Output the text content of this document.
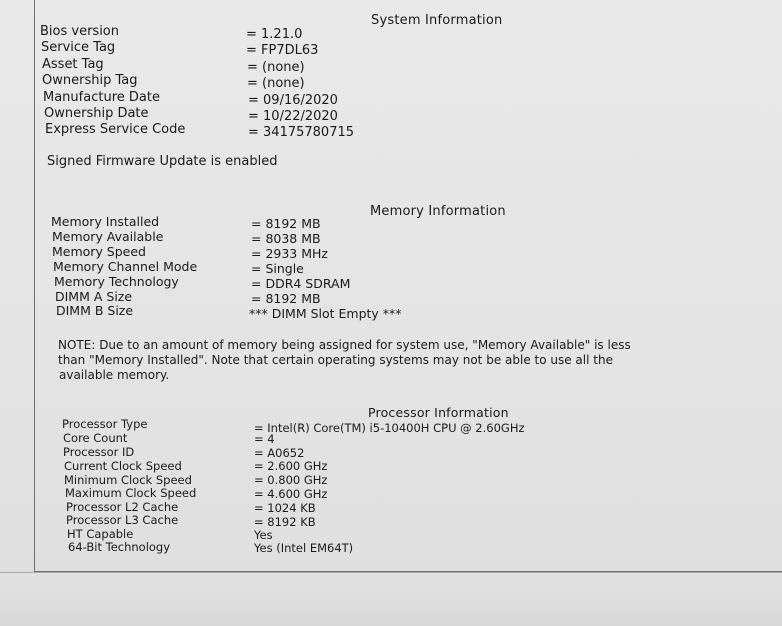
System Information
Bios version	= 1.21.0
Service Tag	= FP7DL63
Asset Tag	= (none)
Ownership Tag	= (none)
Manufacture Date	= 09/16/2020
Ownership Date	= 10/22/2020
Express Service Code	= 34175780715
Signed Firmware Update is enabled
Memory Information
Memory Installed	= 8192 MB
Memory Available	= 8038 MB
Memory Speed	= 2933 MHz
Memory Channel Mode	= Single
Memory Technology	= DDR4 SDRAM
DIMM A Size	= 8192 MB
DIMM B Size	*** DIMM Slot Empty ***
NOTE: Due to an amount of memory being assigned for system use, "Memory Available" is less
than "Memory Installed". Note that certain operating systems may not be able to use all the
available memory.
Processor Information
Processor Type	= Intel(R) Core(TM) i5-10400H CPU @ 2.60GHz
Core Count	= 4
Processor ID	= A0652
Current Clock Speed	= 2.600 GHz
Minimum Clock Speed	= 0.800 GHz
Maximum Clock Speed	= 4.600 GHz
Processor L2 Cache	= 1024 KB
Processor L3 Cache	= 8192 KB
HT Capable	Yes
64-Bit Technology	Yes (Intel EM64T)
